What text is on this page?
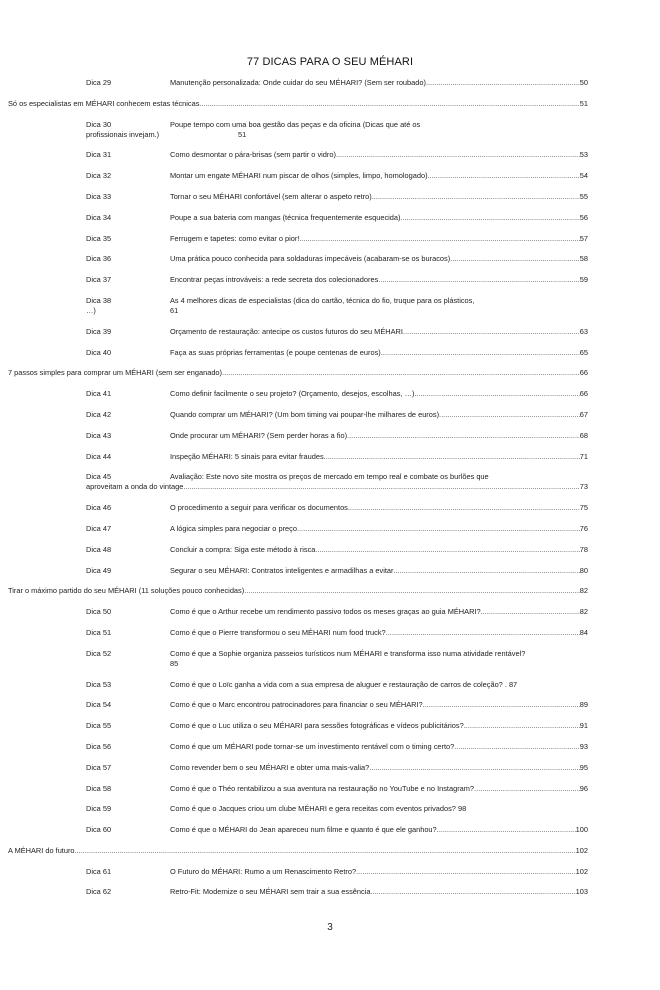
77 DICAS PARA O SEU MÉHARI
Dica 29	Manutenção personalizada: Onde cuidar do seu MÉHARI? (Sem ser roubado) .....	50
Só os especialistas em MÉHARI conhecem estas técnicas .....	51
Dica 30	Poupe tempo com uma boa gestão das peças e da oficina (Dicas que até os
profissionais invejam.)	51
Dica 31	Como desmontar o pára-brisas (sem partir o vidro) .....	53
Dica 32	Montar um engate MÉHARI num piscar de olhos (simples, limpo, homologado) .....	54
Dica 33	Tornar o seu MÉHARI confortável (sem alterar o aspeto retro) .....	55
Dica 34	Poupe a sua bateria com mangas (técnica frequentemente esquecida) .....	56
Dica 35	Ferrugem e tapetes: como evitar o pior! .....	57
Dica 36	Uma prática pouco conhecida para soldaduras impecáveis (acabaram-se os buracos) .....	58
Dica 37	Encontrar peças introváveis: a rede secreta dos colecionadores .....	59
Dica 38	As 4 melhores dicas de especialistas (dica do cartão, técnica do fio, truque para os plásticos,
…)	61
Dica 39	Orçamento de restauração: antecipe os custos futuros do seu MÉHARI .....	63
Dica 40	Faça as suas próprias ferramentas (e poupe centenas de euros) .....	65
7 passos simples para comprar um MÉHARI (sem ser enganado) .....	66
Dica 41	Como definir facilmente o seu projeto? (Orçamento, desejos, escolhas, …) .....	66
Dica 42	Quando comprar um MÉHARI? (Um bom timing vai poupar-lhe milhares de euros) .....	67
Dica 43	Onde procurar um MÉHARI? (Sem perder horas a fio) .....	68
Dica 44	Inspeção MÉHARI: 5 sinais para evitar fraudes .....	71
Dica 45	Avaliação: Este novo site mostra os preços de mercado em tempo real e combate os burlões que
aproveitam a onda do vintage .....	73
Dica 46	O procedimento a seguir para verificar os documentos .....	75
Dica 47	A lógica simples para negociar o preço .....	76
Dica 48	Concluir a compra: Siga este método à risca .....	78
Dica 49	Segurar o seu MÉHARI: Contratos inteligentes e armadilhas a evitar .....	80
Tirar o máximo partido do seu MÉHARI (11 soluções pouco conhecidas) .....	82
Dica 50	Como é que o Arthur recebe um rendimento passivo todos os meses graças ao guia MÉHARI? .....	82
Dica 51	Como é que o Pierre transformou o seu MÉHARI num food truck? .....	84
Dica 52	Como é que a Sophie organiza passeios turísticos num MÉHARI e transforma isso numa atividade rentável?
85
Dica 53	Como é que o Loïc ganha a vida com a sua empresa de aluguer e restauração de carros de coleção? . 87
Dica 54	Como é que o Marc encontrou patrocinadores para financiar o seu MÉHARI? .....	89
Dica 55	Como é que o Luc utiliza o seu MÉHARI para sessões fotográficas e vídeos publicitários? .....	91
Dica 56	Como é que um MÉHARI pode tornar-se um investimento rentável com o timing certo? .....	93
Dica 57	Como revender bem o seu MÉHARI e obter uma mais-valia? .....	95
Dica 58	Como é que o Théo rentabilizou a sua aventura na restauração no YouTube e no Instagram? .....	96
Dica 59	Como é que o Jacques criou um clube MÉHARI e gera receitas com eventos privados? 98
Dica 60	Como é que o MÉHARI do Jean apareceu num filme e quanto é que ele ganhou? .....	100
A MÉHARI do futuro .....	102
Dica 61	O Futuro do MÉHARI: Rumo a um Renascimento Retro? .....	102
Dica 62	Retro-Fit: Modernize o seu MÉHARI sem trair a sua essência .....	103
3
